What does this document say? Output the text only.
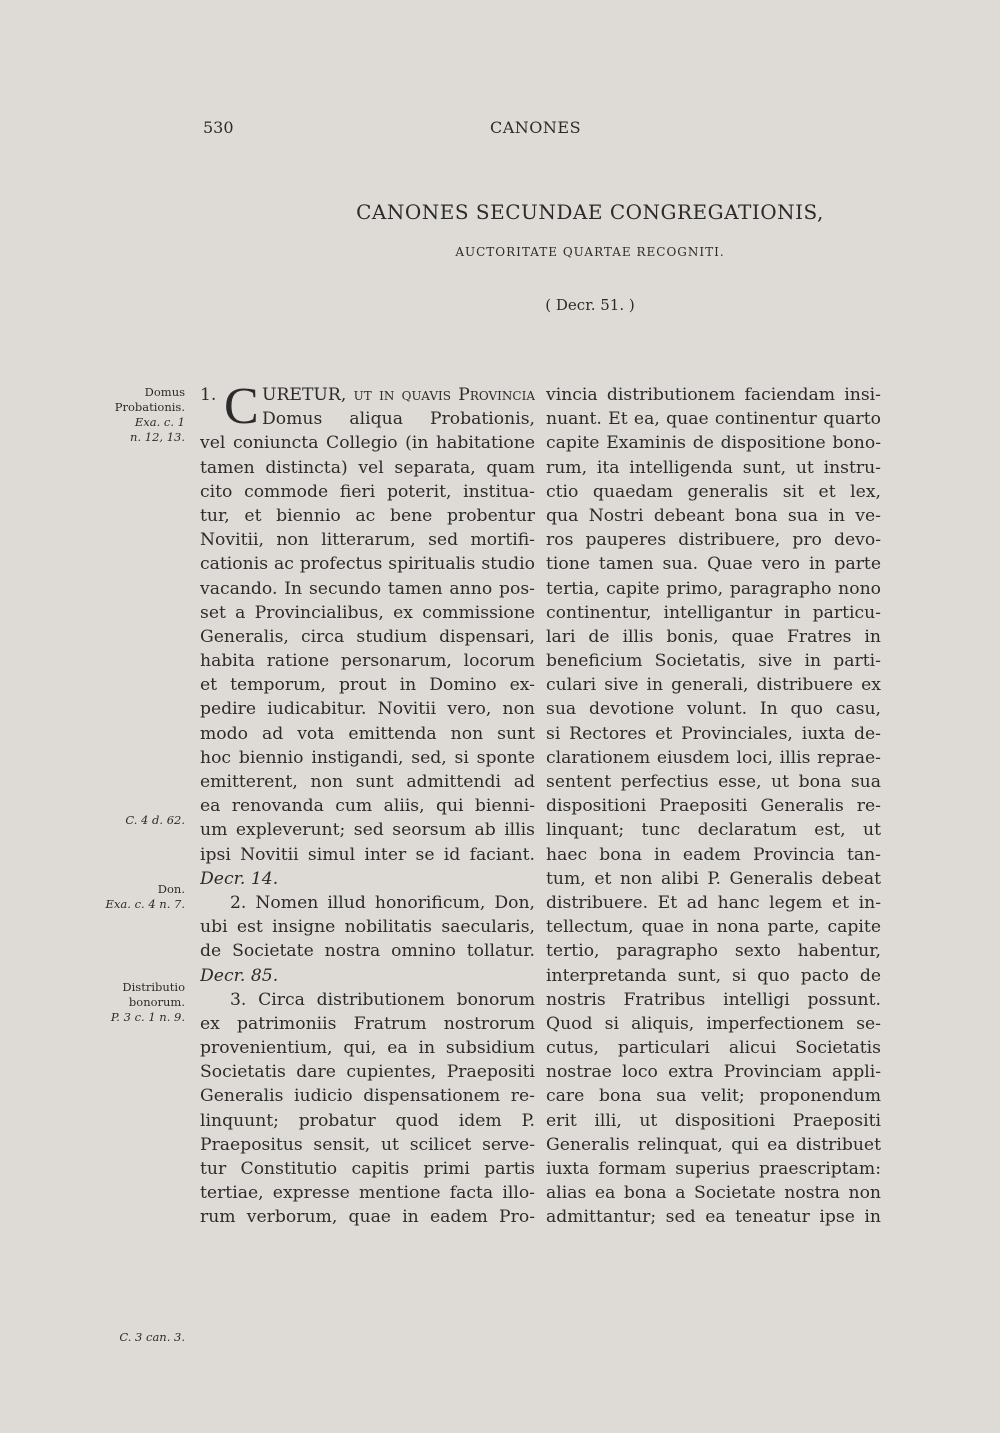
530	CANONES
CANONES SECUNDAE CONGREGATIONIS,
AUCTORITATE QUARTAE RECOGNITI.
( Decr. 51. )
Domus
Probationis.
Exa. c. 1
n. 12, 13.
C. 4 d. 62.
Don.
Exa. c. 4 n. 7.
Distributio
bonorum.
P. 3 c. 1 n. 9.
C. 3 can. 3.
1. C URETUR, ut in quavis Provincia
Domus aliqua Probationis,
vel coniuncta Collegio (in habitatione
tamen distincta) vel separata, quam
cito commode fieri poterit, institua-
tur, et biennio ac bene probentur
Novitii, non litterarum, sed mortifi-
cationis ac profectus spiritualis studio
vacando. In secundo tamen anno pos-
set a Provincialibus, ex commissione
Generalis, circa studium dispensari,
habita ratione personarum, locorum
et temporum, prout in Domino ex-
pedire iudicabitur. Novitii vero, non
modo ad vota emittenda non sunt
hoc biennio instigandi, sed, si sponte
emitterent, non sunt admittendi ad
ea renovanda cum aliis, qui bienni-
um expleverunt; sed seorsum ab illis
ipsi Novitii simul inter se id faciant.
Decr. 14.
2. Nomen illud honorificum, Don,
ubi est insigne nobilitatis saecularis,
de Societate nostra omnino tollatur.
Decr. 85.
3. Circa distributionem bonorum
ex patrimoniis Fratrum nostrorum
provenientium, qui, ea in subsidium
Societatis dare cupientes, Praepositi
Generalis iudicio dispensationem re-
linquunt; probatur quod idem P.
Praepositus sensit, ut scilicet serve-
tur Constitutio capitis primi partis
tertiae, expresse mentione facta illo-
rum verborum, quae in eadem Pro-
vincia distributionem faciendam insi-
nuant. Et ea, quae continentur quarto
capite Examinis de dispositione bono-
rum, ita intelligenda sunt, ut instru-
ctio quaedam generalis sit et lex,
qua Nostri debeant bona sua in ve-
ros pauperes distribuere, pro devo-
tione tamen sua. Quae vero in parte
tertia, capite primo, paragrapho nono
continentur, intelligantur in particu-
lari de illis bonis, quae Fratres in
beneficium Societatis, sive in parti-
culari sive in generali, distribuere ex
sua devotione volunt. In quo casu,
si Rectores et Provinciales, iuxta de-
clarationem eiusdem loci, illis reprae-
sentent perfectius esse, ut bona sua
dispositioni Praepositi Generalis re-
linquant; tunc declaratum est, ut
haec bona in eadem Provincia tan-
tum, et non alibi P. Generalis debeat
distribuere. Et ad hanc legem et in-
tellectum, quae in nona parte, capite
tertio, paragrapho sexto habentur,
interpretanda sunt, si quo pacto de
nostris Fratribus intelligi possunt.
Quod si aliquis, imperfectionem se-
cutus, particulari alicui Societatis
nostrae loco extra Provinciam appli-
care bona sua velit; proponendum
erit illi, ut dispositioni Praepositi
Generalis relinquat, qui ea distribuet
iuxta formam superius praescriptam:
alias ea bona a Societate nostra non
admittantur; sed ea teneatur ipse in
